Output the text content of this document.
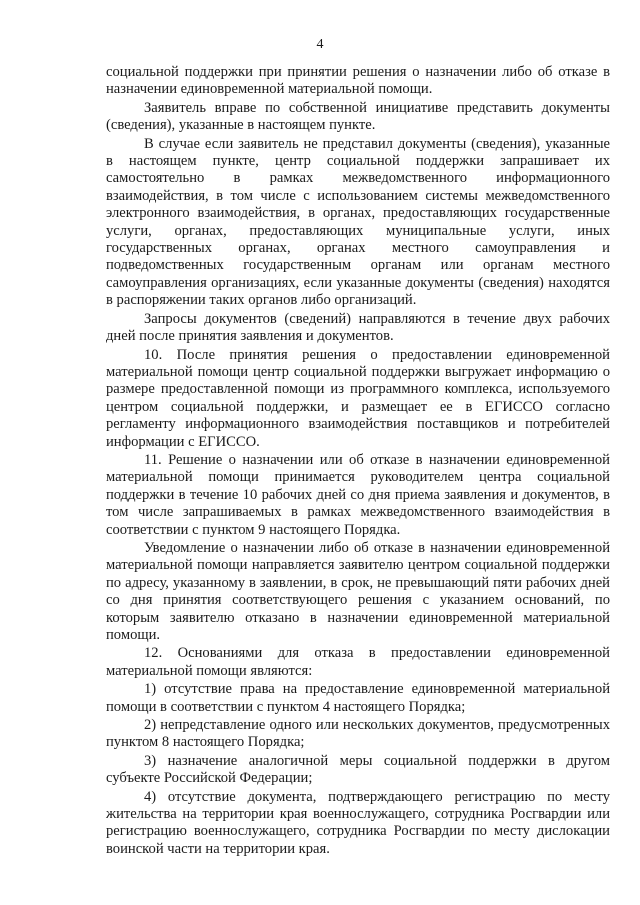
4

социальной поддержки при принятии решения о назначении либо об отказе в назначении единовременной материальной помощи.

Заявитель вправе по собственной инициативе представить документы (сведения), указанные в настоящем пункте.

В случае если заявитель не представил документы (сведения), указанные в настоящем пункте, центр социальной поддержки запрашивает их самостоятельно в рамках межведомственного информационного взаимодействия, в том числе с использованием системы межведомственного электронного взаимодействия, в органах, предоставляющих государственные услуги, органах, предоставляющих муниципальные услуги, иных государственных органах, органах местного самоуправления и подведомственных государственным органам или органам местного самоуправления организациях, если указанные документы (сведения) находятся в распоряжении таких органов либо организаций.

Запросы документов (сведений) направляются в течение двух рабочих дней после принятия заявления и документов.

10. После принятия решения о предоставлении единовременной материальной помощи центр социальной поддержки выгружает информацию о размере предоставленной помощи из программного комплекса, используемого центром социальной поддержки, и размещает ее в ЕГИССО согласно регламенту информационного взаимодействия поставщиков и потребителей информации с ЕГИССО.

11. Решение о назначении или об отказе в назначении единовременной материальной помощи принимается руководителем центра социальной поддержки в течение 10 рабочих дней со дня приема заявления и документов, в том числе запрашиваемых в рамках межведомственного взаимодействия в соответствии с пунктом 9 настоящего Порядка.

Уведомление о назначении либо об отказе в назначении единовременной материальной помощи направляется заявителю центром социальной поддержки по адресу, указанному в заявлении, в срок, не превышающий пяти рабочих дней со дня принятия соответствующего решения с указанием оснований, по которым заявителю отказано в назначении единовременной материальной помощи.

12. Основаниями для отказа в предоставлении единовременной материальной помощи являются:

1) отсутствие права на предоставление единовременной материальной помощи в соответствии с пунктом 4 настоящего Порядка;

2) непредставление одного или нескольких документов, предусмотренных пунктом 8 настоящего Порядка;

3) назначение аналогичной меры социальной поддержки в другом субъекте Российской Федерации;

4) отсутствие документа, подтверждающего регистрацию по месту жительства на территории края военнослужащего, сотрудника Росгвардии или регистрацию военнослужащего, сотрудника Росгвардии по месту дислокации воинской части на территории края.
